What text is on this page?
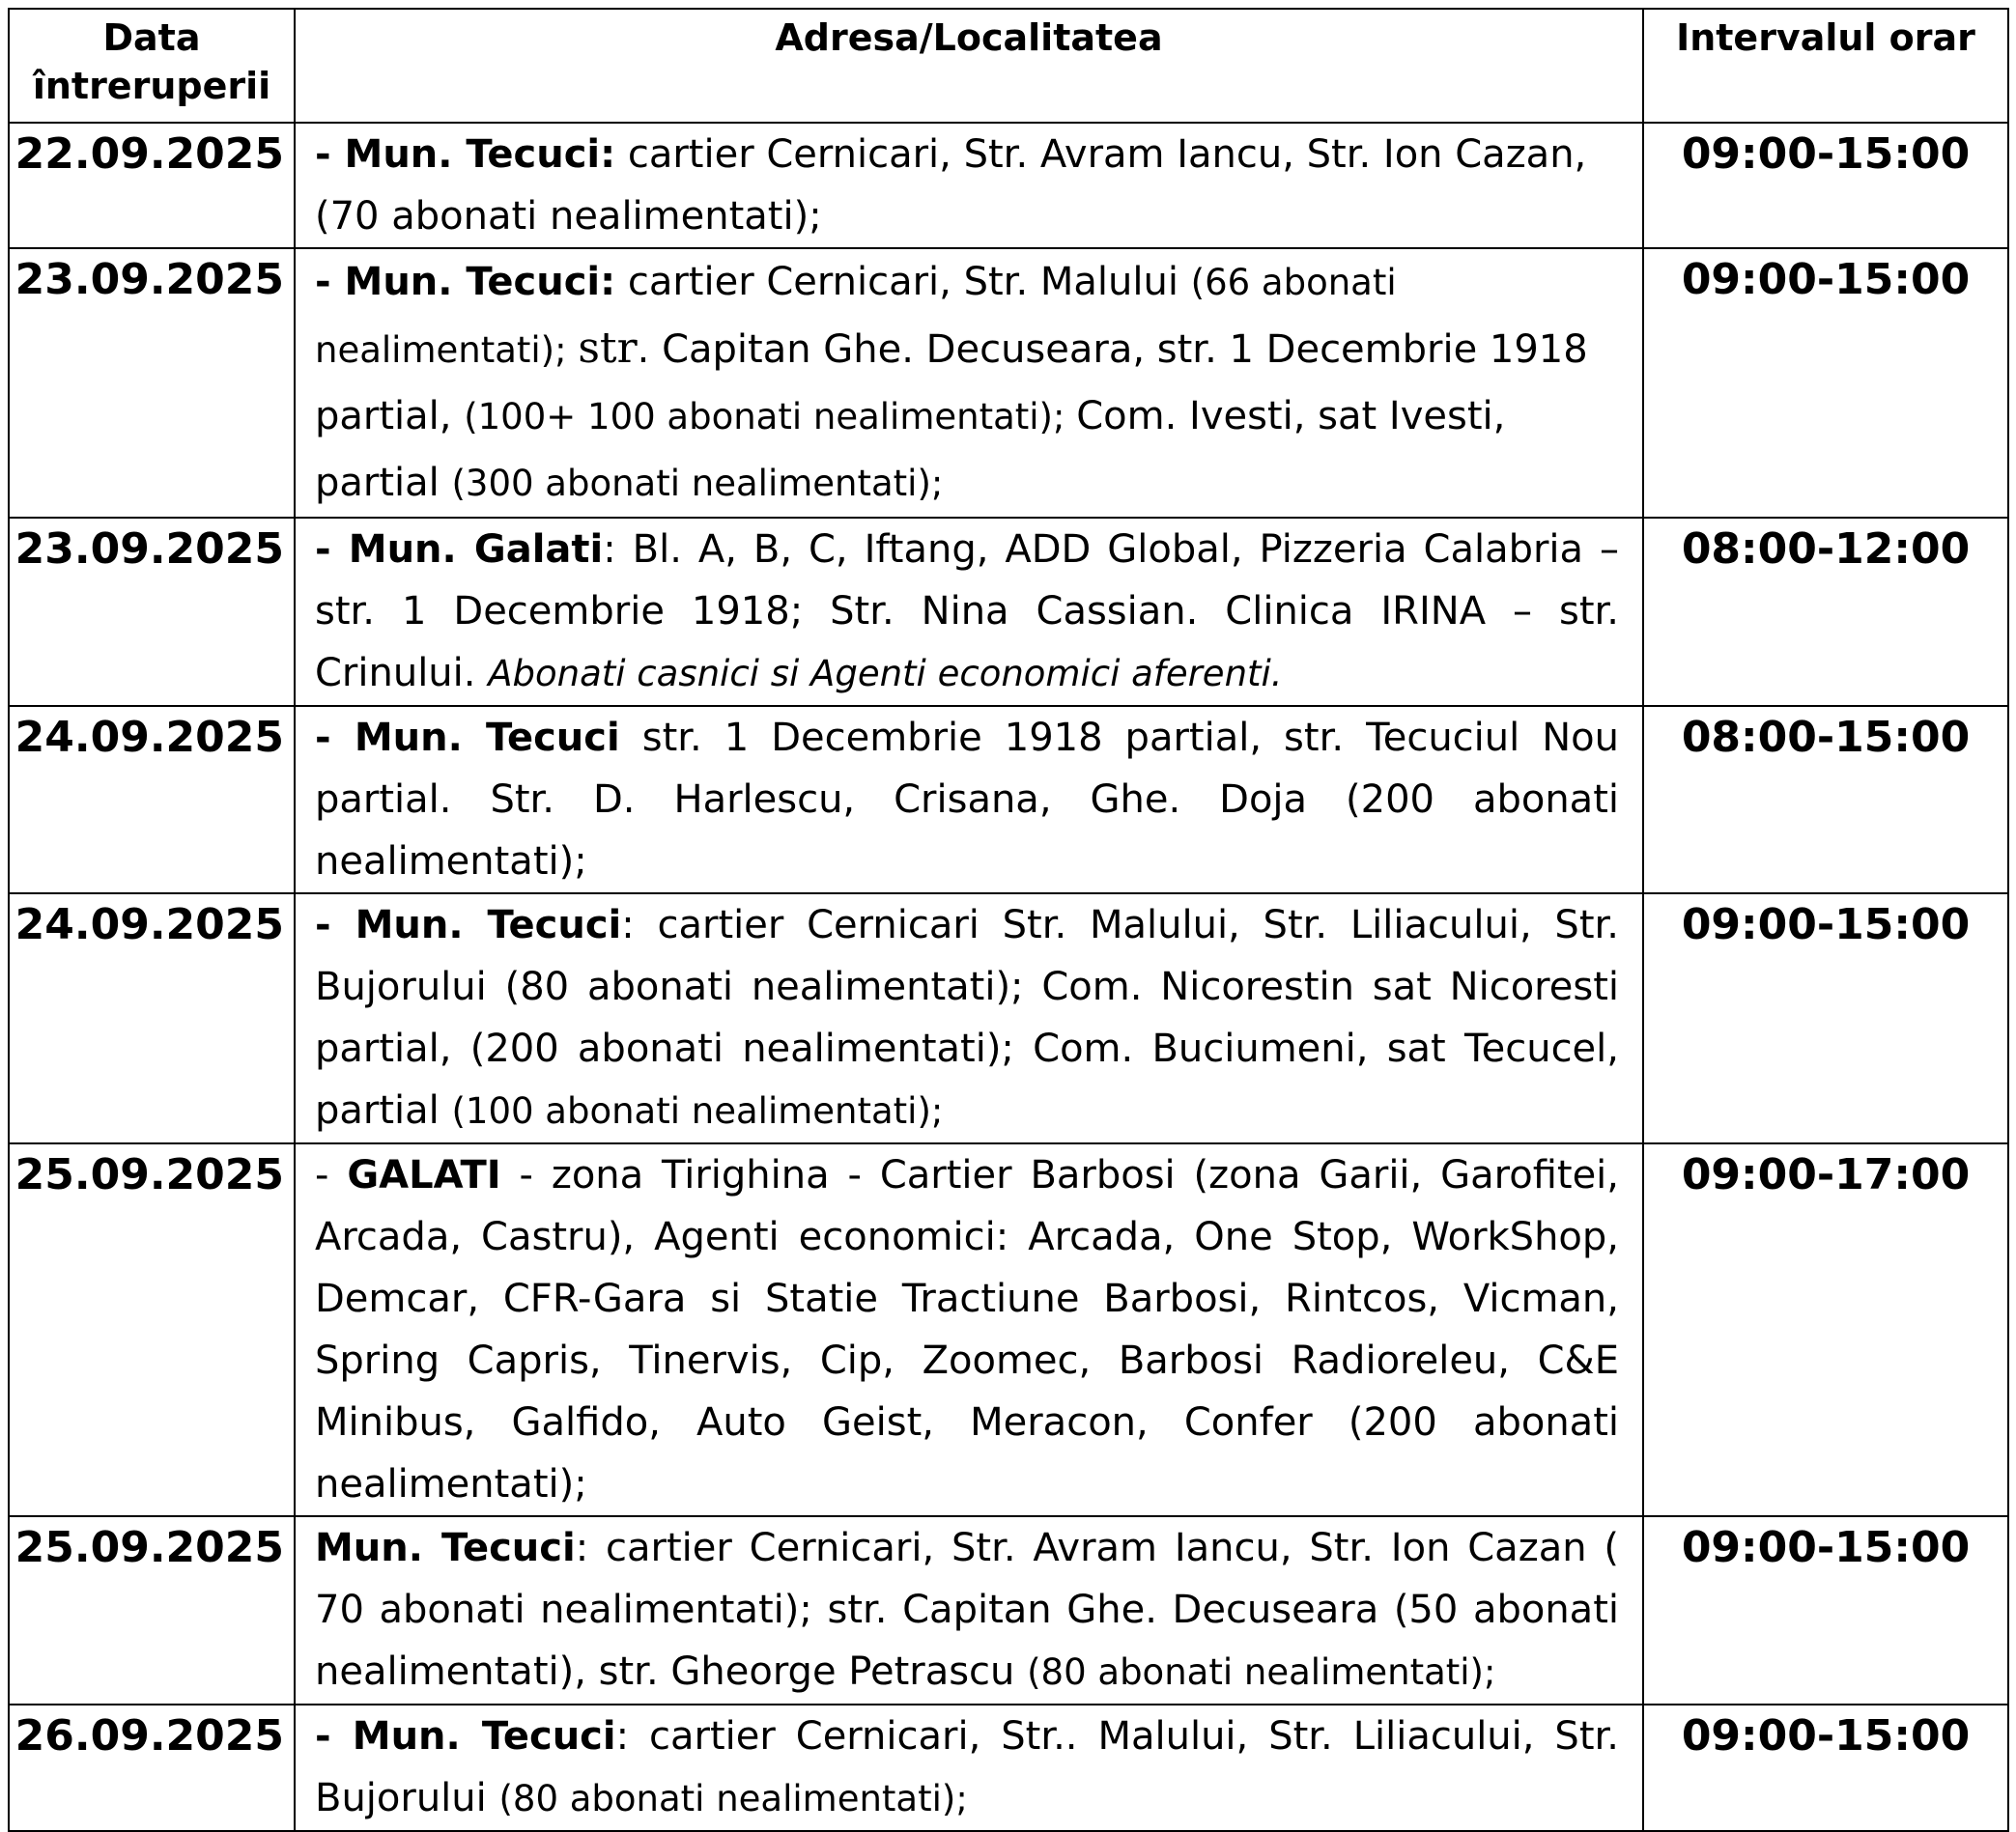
Data
întreruperii	Adresa/Localitatea	Intervalul orar
22.09.2025	- Mun. Tecuci: cartier Cernicari, Str. Avram Iancu, Str. Ion Cazan, (70 abonati nealimentati);	09:00-15:00
23.09.2025	- Mun. Tecuci: cartier Cernicari, Str. Malului (66 abonati nealimentati); str. Capitan Ghe. Decuseara, str. 1 Decembrie 1918 partial, (100+ 100 abonati nealimentati); Com. Ivesti, sat Ivesti, partial (300 abonati nealimentati);	09:00-15:00
23.09.2025	- Mun. Galati: Bl. A, B, C, Iftang, ADD Global, Pizzeria Calabria – str. 1 Decembrie 1918; Str. Nina Cassian. Clinica IRINA – str. Crinului. Abonati casnici si Agenti economici aferenti.	08:00-12:00
24.09.2025	- Mun. Tecuci str. 1 Decembrie 1918 partial, str. Tecuciul Nou partial. Str. D. Harlescu, Crisana, Ghe. Doja (200 abonati nealimentati);	08:00-15:00
24.09.2025	- Mun. Tecuci: cartier Cernicari Str. Malului, Str. Liliacului, Str. Bujorului (80 abonati nealimentati); Com. Nicorestin sat Nicoresti partial, (200 abonati nealimentati); Com. Buciumeni, sat Tecucel, partial (100 abonati nealimentati);	09:00-15:00
25.09.2025	- GALATI - zona Tirighina - Cartier Barbosi (zona Garii, Garofitei, Arcada, Castru), Agenti economici: Arcada, One Stop, WorkShop, Demcar, CFR-Gara si Statie Tractiune Barbosi, Rintcos, Vicman, Spring Capris, Tinervis, Cip, Zoomec, Barbosi Radioreleu, C&E Minibus, Galfido, Auto Geist, Meracon, Confer (200 abonati nealimentati);	09:00-17:00
25.09.2025	Mun. Tecuci: cartier Cernicari, Str. Avram Iancu, Str. Ion Cazan ( 70 abonati nealimentati); str. Capitan Ghe. Decuseara (50 abonati nealimentati), str. Gheorge Petrascu (80 abonati nealimentati);	09:00-15:00
26.09.2025	- Mun. Tecuci: cartier Cernicari, Str.. Malului, Str. Liliacului, Str. Bujorului (80 abonati nealimentati);	09:00-15:00
